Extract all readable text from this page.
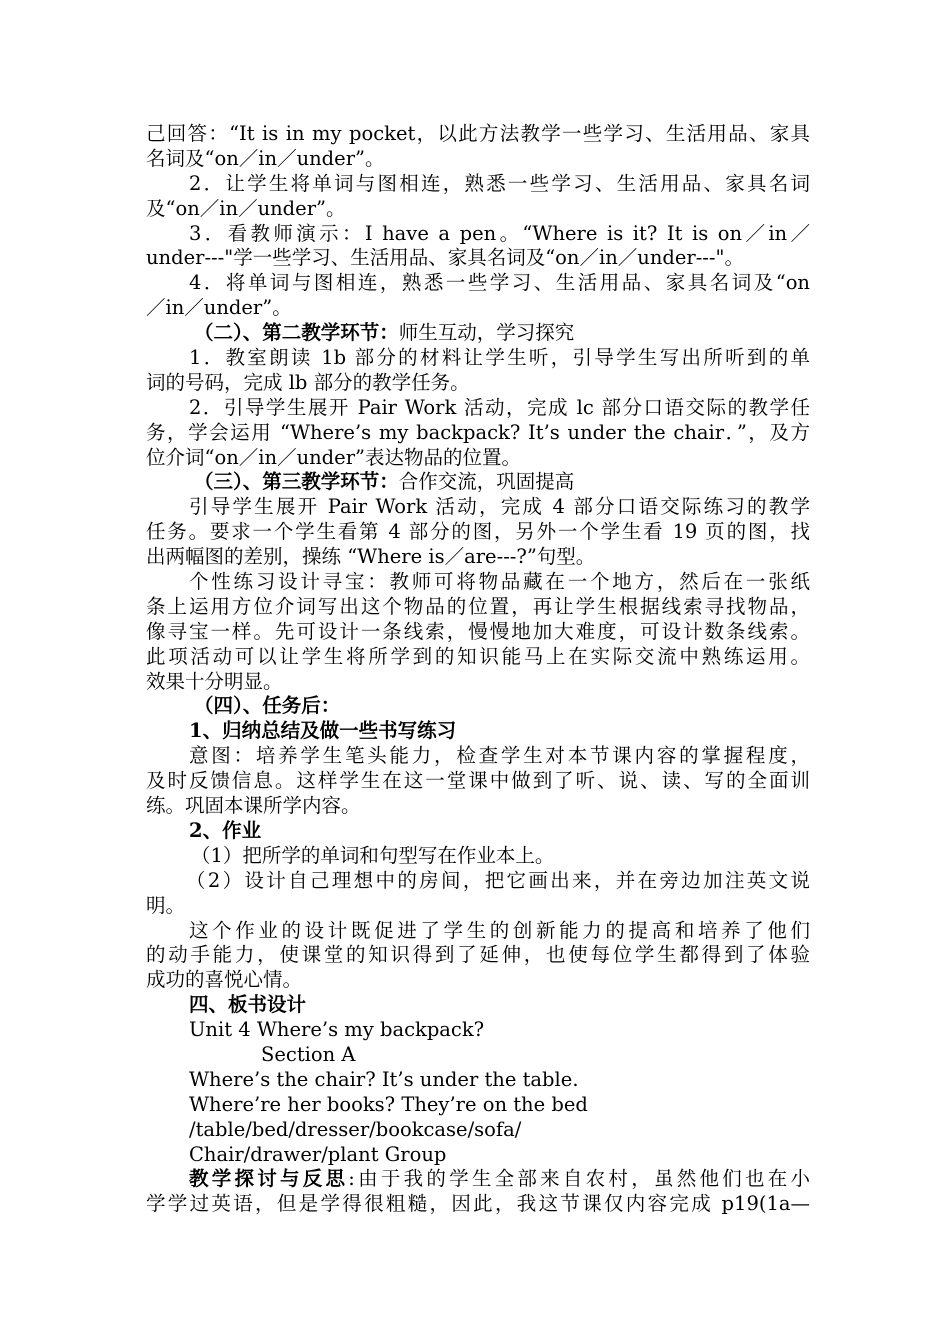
己回答：“It is in my pocket，以此方法教学一些学习、生活用品、家具
名词及“on／in／under”。
2．让学生将单词与图相连，熟悉一些学习、生活用品、家具名词
及“on／in／under”。
3．看教师演示：I have a pen。“Where is it? It is on／in／
under---"学一些学习、生活用品、家具名词及“on／in／under---"。
4．将单词与图相连，熟悉一些学习、生活用品、家具名词及“on
／in／under”。
（二）、第二教学环节：师生互动，学习探究
1．教室朗读 1b 部分的材料让学生听，引导学生写出所听到的单
词的号码，完成 lb 部分的教学任务。
2．引导学生展开 Pair Work 活动，完成 lc 部分口语交际的教学任
务，学会运用 “Where’s my backpack? It’s under the chair．”，及方
位介词“on／in／under”表达物品的位置。
（三）、第三教学环节：合作交流，巩固提高
引导学生展开 Pair Work 活动，完成 4 部分口语交际练习的教学
任务。要求一个学生看第 4 部分的图，另外一个学生看 19 页的图，找
出两幅图的差别，操练 “Where is／are---?”句型。
个性练习设计寻宝：教师可将物品藏在一个地方，然后在一张纸
条上运用方位介词写出这个物品的位置，再让学生根据线索寻找物品，
像寻宝一样。先可设计一条线索，慢慢地加大难度，可设计数条线索。
此项活动可以让学生将所学到的知识能马上在实际交流中熟练运用。
效果十分明显。
（四）、任务后：
1、归纳总结及做一些书写练习
意图：培养学生笔头能力，检查学生对本节课内容的掌握程度，
及时反馈信息。这样学生在这一堂课中做到了听、说、读、写的全面训
练。巩固本课所学内容。
2、作业
（1）把所学的单词和句型写在作业本上。
（2）设计自己理想中的房间，把它画出来，并在旁边加注英文说
明。
这个作业的设计既促进了学生的创新能力的提高和培养了他们
的动手能力，使课堂的知识得到了延伸，也使每位学生都得到了体验
成功的喜悦心情。
四、板书设计
Unit 4 Where’s my backpack?
Section A
Where’s the chair? It’s under the table.
Where’re her books? They’re on the bed
/table/bed/dresser/bookcase/sofa/
Chair/drawer/plant Group
教学探讨与反思:由于我的学生全部来自农村，虽然他们也在小
学学过英语，但是学得很粗糙，因此，我这节课仅内容完成 p19(1a—
